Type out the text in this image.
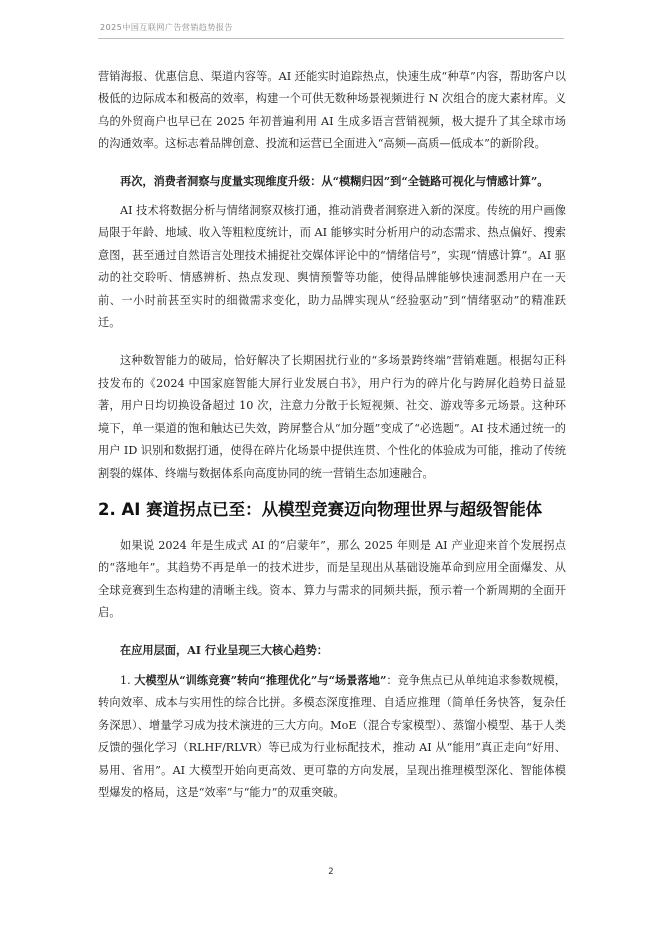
2025中国互联网广告营销趋势报告

营销海报、优惠信息、渠道内容等。AI 还能实时追踪热点，快速生成“种草”内容，帮助客户以极低的边际成本和极高的效率，构建一个可供无数种场景视频进行 N 次组合的庞大素材库。义乌的外贸商户也早已在 2025 年初普遍利用 AI 生成多语言营销视频，极大提升了其全球市场的沟通效率。这标志着品牌创意、投流和运营已全面进入“高频—高质—低成本”的新阶段。

再次，消费者洞察与度量实现维度升级：从“模糊归因”到“全链路可视化与情感计算”。

AI 技术将数据分析与情绪洞察双核打通，推动消费者洞察进入新的深度。传统的用户画像局限于年龄、地域、收入等粗粒度统计，而 AI 能够实时分析用户的动态需求、热点偏好、搜索意图，甚至通过自然语言处理技术捕捉社交媒体评论中的“情绪信号”，实现“情感计算”。AI 驱动的社交聆听、情感辨析、热点发现、舆情预警等功能，使得品牌能够快速洞悉用户在一天前、一小时前甚至实时的细微需求变化，助力品牌实现从“经验驱动”到“情绪驱动”的精准跃迁。

这种数智能力的破局，恰好解决了长期困扰行业的“多场景跨终端”营销难题。根据勾正科技发布的《2024 中国家庭智能大屏行业发展白书》，用户行为的碎片化与跨屏化趋势日益显著，用户日均切换设备超过 10 次，注意力分散于长短视频、社交、游戏等多元场景。这种环境下，单一渠道的饱和触达已失效，跨屏整合从“加分题”变成了“必选题”。AI 技术通过统一的用户 ID 识别和数据打通，使得在碎片化场景中提供连贯、个性化的体验成为可能，推动了传统割裂的媒体、终端与数据体系向高度协同的统一营销生态加速融合。

2. AI 赛道拐点已至：从模型竞赛迈向物理世界与超级智能体

如果说 2024 年是生成式 AI 的“启蒙年”，那么 2025 年则是 AI 产业迎来首个发展拐点的“落地年”。其趋势不再是单一的技术进步，而是呈现出从基础设施革命到应用全面爆发、从全球竞赛到生态构建的清晰主线。资本、算力与需求的同频共振，预示着一个新周期的全面开启。

在应用层面，AI 行业呈现三大核心趋势：

1. 大模型从“训练竞赛”转向“推理优化”与“场景落地”：竞争焦点已从单纯追求参数规模，转向效率、成本与实用性的综合比拼。多模态深度推理、自适应推理（简单任务快答，复杂任务深思）、增量学习成为技术演进的三大方向。MoE（混合专家模型）、蒸馏小模型、基于人类反馈的强化学习（RLHF/RLVR）等已成为行业标配技术，推动 AI 从“能用”真正走向“好用、易用、省用”。AI 大模型开始向更高效、更可靠的方向发展，呈现出推理模型深化、智能体模型爆发的格局，这是“效率”与“能力”的双重突破。

2
